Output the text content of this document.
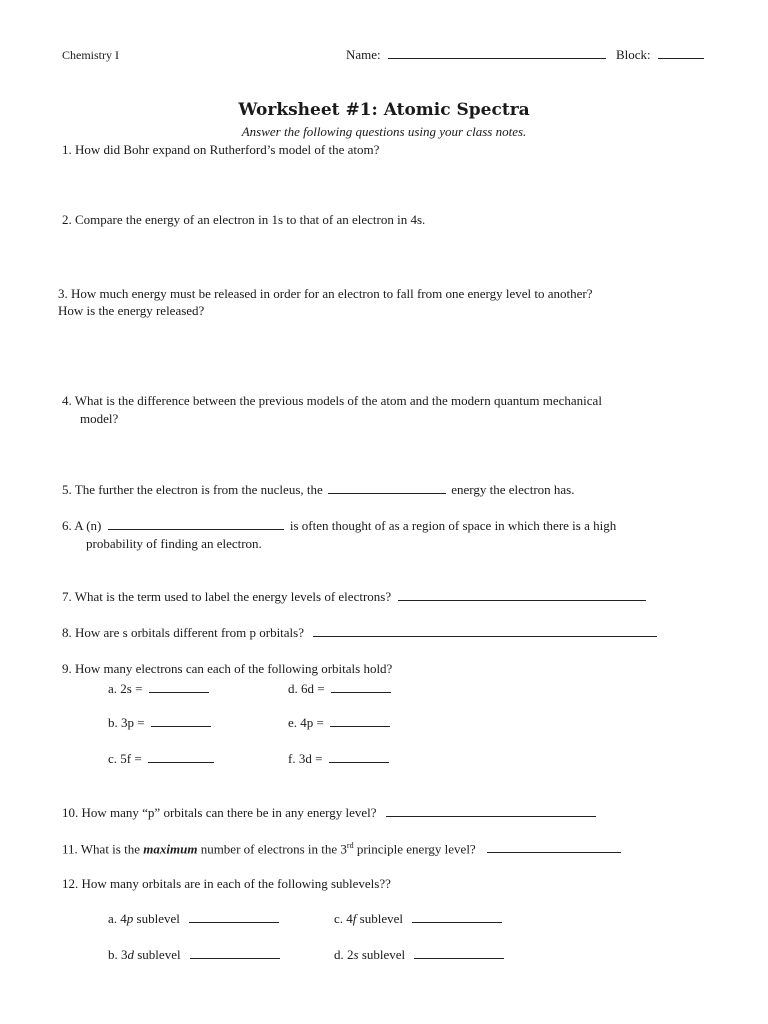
Chemistry I	Name:	Block:
Worksheet #1: Atomic Spectra
Answer the following questions using your class notes.
1. How did Bohr expand on Rutherford’s model of the atom?
2. Compare the energy of an electron in 1s to that of an electron in 4s.
3. How much energy must be released in order for an electron to fall from one energy level to another?
How is the energy released?
4. What is the difference between the previous models of the atom and the modern quantum mechanical
model?
5. The further the electron is from the nucleus, the	energy the electron has.
6. A (n)	is often thought of as a region of space in which there is a high
probability of finding an electron.
7. What is the term used to label the energy levels of electrons?
8. How are s orbitals different from p orbitals?
9. How many electrons can each of the following orbitals hold?
a. 2s =	d. 6d =
b. 3p =	e. 4p =
c. 5f =	f. 3d =
10. How many “p” orbitals can there be in any energy level?
11. What is the maximum number of electrons in the 3rd principle energy level?
12. How many orbitals are in each of the following sublevels??
a. 4p sublevel	c. 4f sublevel
b. 3d sublevel	d. 2s sublevel
